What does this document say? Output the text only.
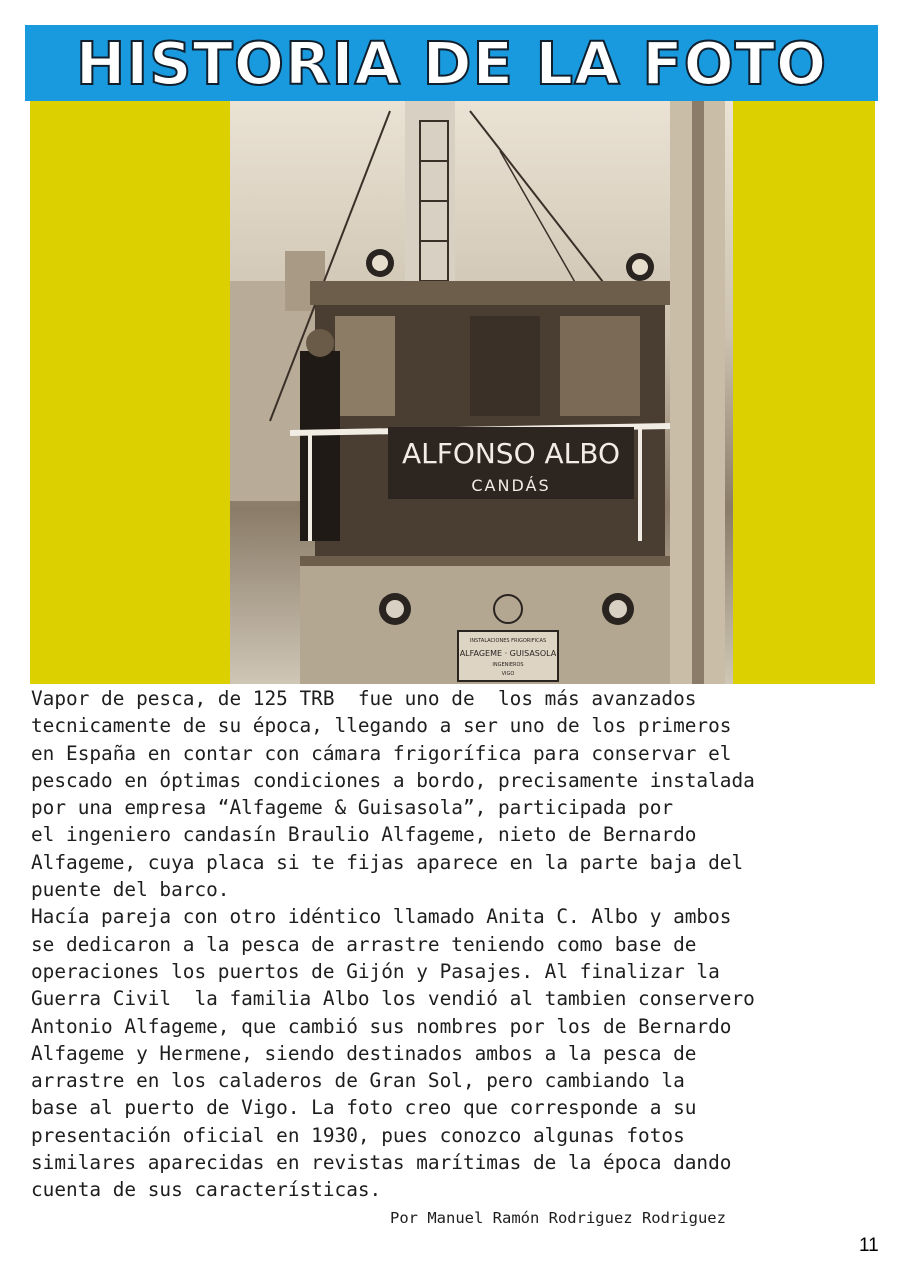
HISTORIA DE LA FOTO
ALFONSO ALBO
CANDÁS
INSTALACIONES FRIGORIFICAS
ALFAGEME · GUISASOLA
INGENIEROS
VIGO
Vapor de pesca, de 125 TRB  fue uno de  los más avanzados
tecnicamente de su época, llegando a ser uno de los primeros
en España en contar con cámara frigorífica para conservar el
pescado en óptimas condiciones a bordo, precisamente instalada
por una empresa “Alfageme & Guisasola”, participada por
el ingeniero candasín Braulio Alfageme, nieto de Bernardo
Alfageme, cuya placa si te fijas aparece en la parte baja del
puente del barco.
Hacía pareja con otro idéntico llamado Anita C. Albo y ambos
se dedicaron a la pesca de arrastre teniendo como base de
operaciones los puertos de Gijón y Pasajes. Al finalizar la
Guerra Civil  la familia Albo los vendió al tambien conservero
Antonio Alfageme, que cambió sus nombres por los de Bernardo
Alfageme y Hermene, siendo destinados ambos a la pesca de
arrastre en los caladeros de Gran Sol, pero cambiando la
base al puerto de Vigo. La foto creo que corresponde a su
presentación oficial en 1930, pues conozco algunas fotos
similares aparecidas en revistas marítimas de la época dando
cuenta de sus características.
Por Manuel Ramón Rodriguez Rodriguez
11
